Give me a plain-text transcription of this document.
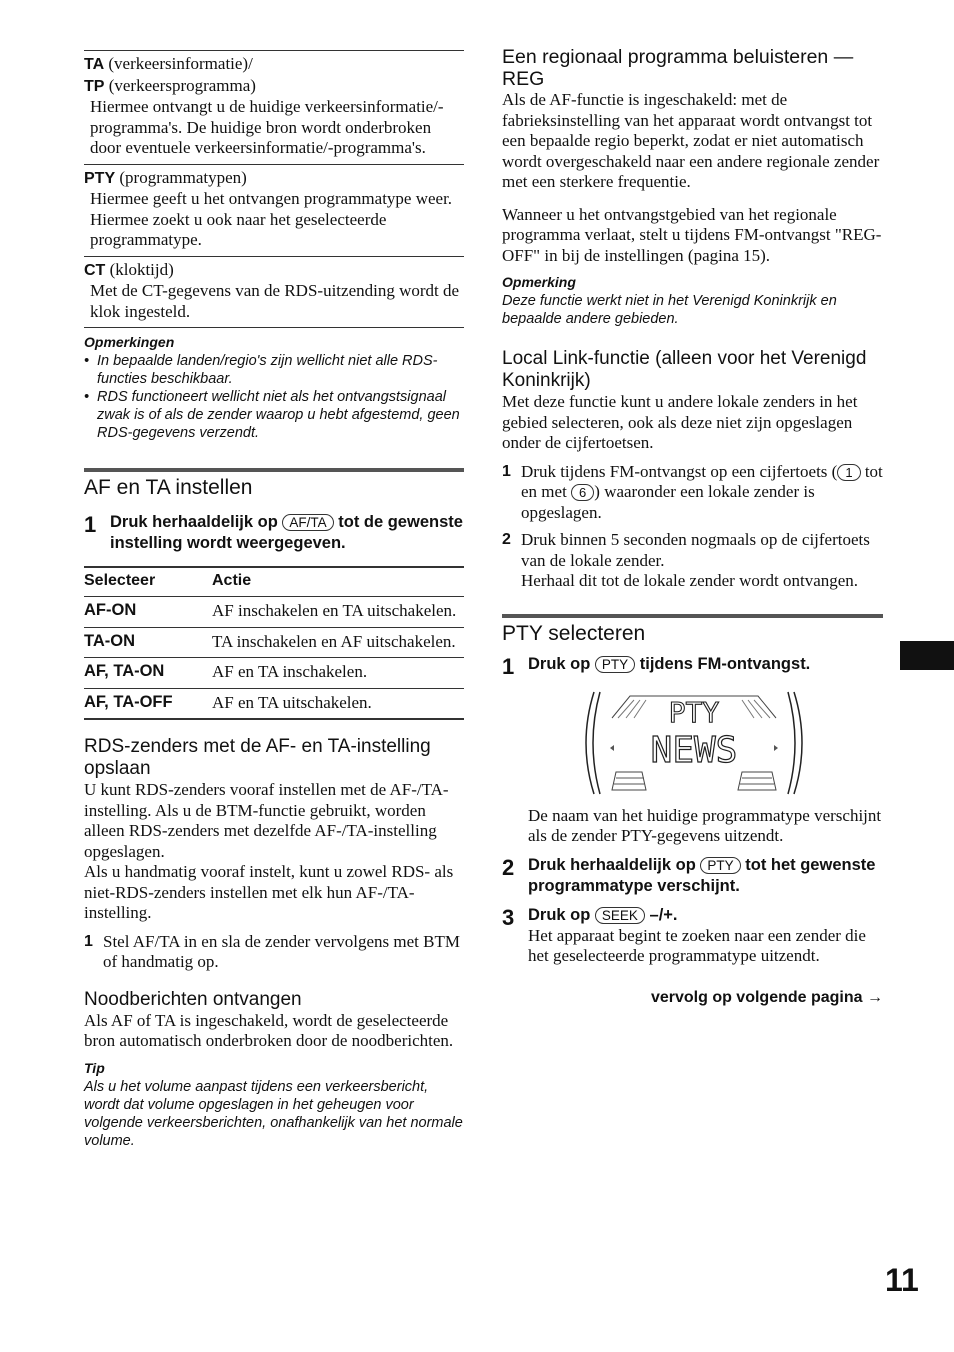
TA (verkeersinformatie)/
TP (verkeersprogramma)

Hiermee ontvangt u de huidige verkeersinformatie/-programma's. De huidige bron wordt onderbroken door eventuele verkeersinformatie/-programma's.

PTY (programmatypen)

Hiermee geeft u het ontvangen programmatype weer. Hiermee zoekt u ook naar het geselecteerde programmatype.

CT (kloktijd)

Met de CT-gegevens van de RDS-uitzending wordt de klok ingesteld.

Opmerkingen
• In bepaalde landen/regio's zijn wellicht niet alle RDS-functies beschikbaar.
• RDS functioneert wellicht niet als het ontvangstsignaal zwak is of als de zender waarop u hebt afgestemd, geen RDS-gegevens verzendt.
AF en TA instellen
1 Druk herhaaldelijk op AF/TA tot de gewenste instelling wordt weergegeven.
Selecteer	Actie
AF-ON	AF inschakelen en TA uitschakelen.
TA-ON	TA inschakelen en AF uitschakelen.
AF, TA-ON	AF en TA inschakelen.
AF, TA-OFF	AF en TA uitschakelen.
RDS-zenders met de AF- en TA-instelling opslaan

U kunt RDS-zenders vooraf instellen met de AF-/TA-instelling. Als u de BTM-functie gebruikt, worden alleen RDS-zenders met dezelfde AF-/TA-instelling opgeslagen.

Als u handmatig vooraf instelt, kunt u zowel RDS- als niet-RDS-zenders instellen met elk hun AF-/TA-instelling.

1 Stel AF/TA in en sla de zender vervolgens met BTM of handmatig op.
Noodberichten ontvangen

Als AF of TA is ingeschakeld, wordt de geselecteerde bron automatisch onderbroken door de noodberichten.

Tip

Als u het volume aanpast tijdens een verkeersbericht, wordt dat volume opgeslagen in het geheugen voor volgende verkeersberichten, onafhankelijk van het normale volume.

Een regionaal programma beluisteren — REG

Als de AF-functie is ingeschakeld: met de fabrieksinstelling van het apparaat wordt ontvangst tot een bepaalde regio beperkt, zodat er niet automatisch wordt overgeschakeld naar een andere regionale zender met een sterkere frequentie.

Wanneer u het ontvangstgebied van het regionale programma verlaat, stelt u tijdens FM-ontvangst "REG-OFF" in bij de instellingen (pagina 15).

Opmerking

Deze functie werkt niet in het Verenigd Koninkrijk en bepaalde andere gebieden.

Local Link-functie (alleen voor het Verenigd Koninkrijk)

Met deze functie kunt u andere lokale zenders in het gebied selecteren, ook als deze niet zijn opgeslagen onder de cijfertoetsen.

1 Druk tijdens FM-ontvangst op een cijfertoets ( 1 tot en met 6 ) waaronder een lokale zender is opgeslagen.
2 Druk binnen 5 seconden nogmaals op de cijfertoets van de lokale zender.
Herhaal dit tot de lokale zender wordt ontvangen.
PTY selecteren
1 Druk op PTY tijdens FM-ontvangst.
PTY
NEWS

De naam van het huidige programmatype verschijnt als de zender PTY-gegevens uitzendt.

2 Druk herhaaldelijk op PTY tot het gewenste programmatype verschijnt.
3 Druk op SEEK –/+.

Het apparaat begint te zoeken naar een zender die het geselecteerde programmatype uitzendt.

vervolg op volgende pagina →
11
